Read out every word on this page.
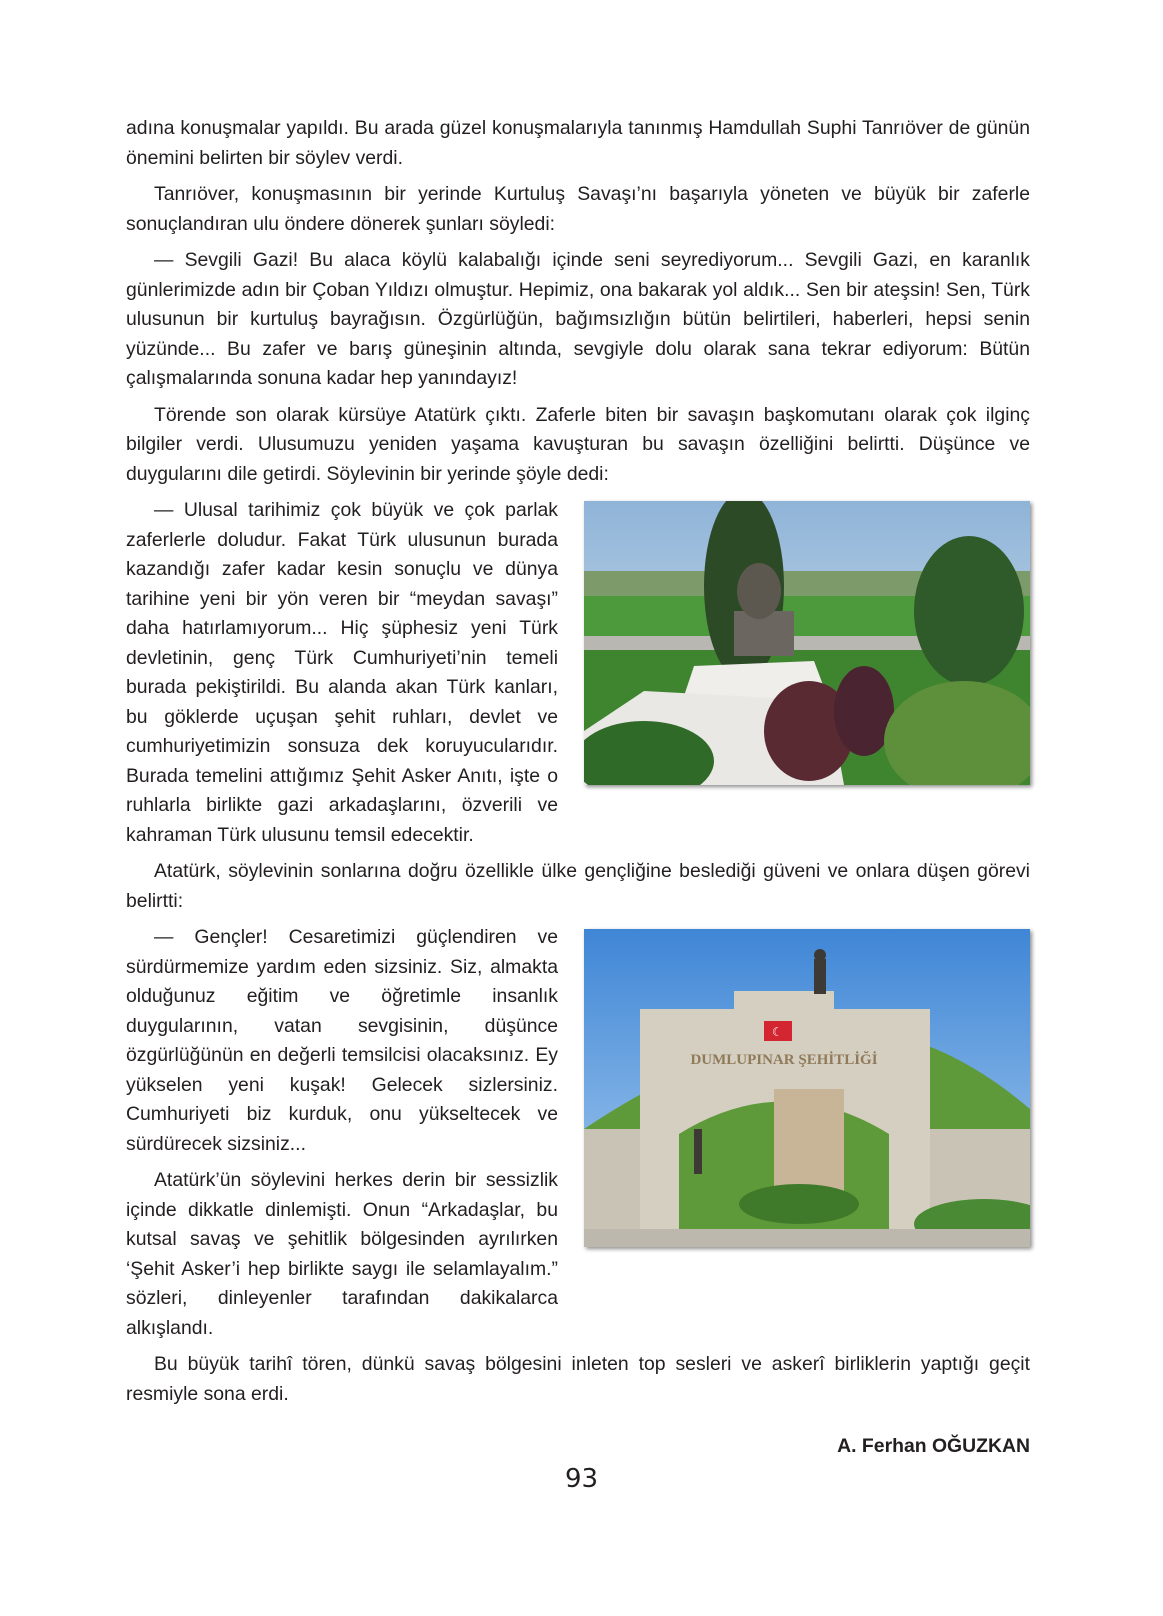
adına konuşmalar yapıldı. Bu arada güzel konuşmalarıyla tanınmış Hamdullah Suphi Tanrıöver de günün önemini belirten bir söylev verdi.

Tanrıöver, konuşmasının bir yerinde Kurtuluş Savaşı’nı başarıyla yöneten ve büyük bir zaferle sonuçlandıran ulu öndere dönerek şunları söyledi:

— Sevgili Gazi! Bu alaca köylü kalabalığı içinde seni seyrediyorum... Sevgili Gazi, en karanlık günlerimizde adın bir Çoban Yıldızı olmuştur. Hepimiz, ona bakarak yol aldık... Sen bir ateşsin! Sen, Türk ulusunun bir kurtuluş bayrağısın. Özgürlüğün, bağımsızlığın bütün belirtileri, haberleri, hepsi senin yüzünde... Bu zafer ve barış güneşinin altında, sevgiyle dolu olarak sana tekrar ediyorum: Bütün çalışmalarında sonuna kadar hep yanındayız!

Törende son olarak kürsüye Atatürk çıktı. Zaferle biten bir savaşın başkomutanı olarak çok ilginç bilgiler verdi. Ulusumuzu yeniden yaşama kavuşturan bu savaşın özelliğini belirtti. Düşünce ve duygularını dile getirdi. Söylevinin bir yerinde şöyle dedi:

— Ulusal tarihimiz çok büyük ve çok parlak zaferlerle doludur. Fakat Türk ulusunun burada kazandığı zafer kadar kesin sonuçlu ve dünya tarihine yeni bir yön veren bir “meydan savaşı” daha hatırlamıyorum... Hiç şüphesiz yeni Türk devletinin, genç Türk Cumhuriyeti’nin temeli burada pekiştirildi. Bu alanda akan Türk kanları, bu göklerde uçuşan şehit ruhları, devlet ve cumhuriyetimizin sonsuza dek koruyucularıdır. Burada temelini attığımız Şehit Asker Anıtı, işte o ruhlarla birlikte gazi arkadaşlarını, özverili ve kahraman Türk ulusunu temsil edecektir.

Atatürk, söylevinin sonlarına doğru özellikle ülke gençliğine beslediği güveni ve onlara düşen görevi belirtti:

☾
DUMLUPINAR ŞEHİTLİĞİ

— Gençler! Cesaretimizi güçlendiren ve sürdürmemize yardım eden sizsiniz. Siz, almakta olduğunuz eğitim ve öğretimle insanlık duygularının, vatan sevgisinin, düşünce özgürlüğünün en değerli temsilcisi olacaksınız. Ey yükselen yeni kuşak! Gelecek sizlersiniz. Cumhuriyeti biz kurduk, onu yükseltecek ve sürdürecek sizsiniz...

Atatürk’ün söylevini herkes derin bir sessizlik içinde dikkatle dinlemişti. Onun “Arkadaşlar, bu kutsal savaş ve şehitlik bölgesinden ayrılırken ‘Şehit Asker’i hep birlikte saygı ile selamlayalım.” sözleri, dinleyenler tarafından dakikalarca alkışlandı.

Bu büyük tarihî tören, dünkü savaş bölgesini inleten top sesleri ve askerî birliklerin yaptığı geçit resmiyle sona erdi.

A. Ferhan OĞUZKAN
93
